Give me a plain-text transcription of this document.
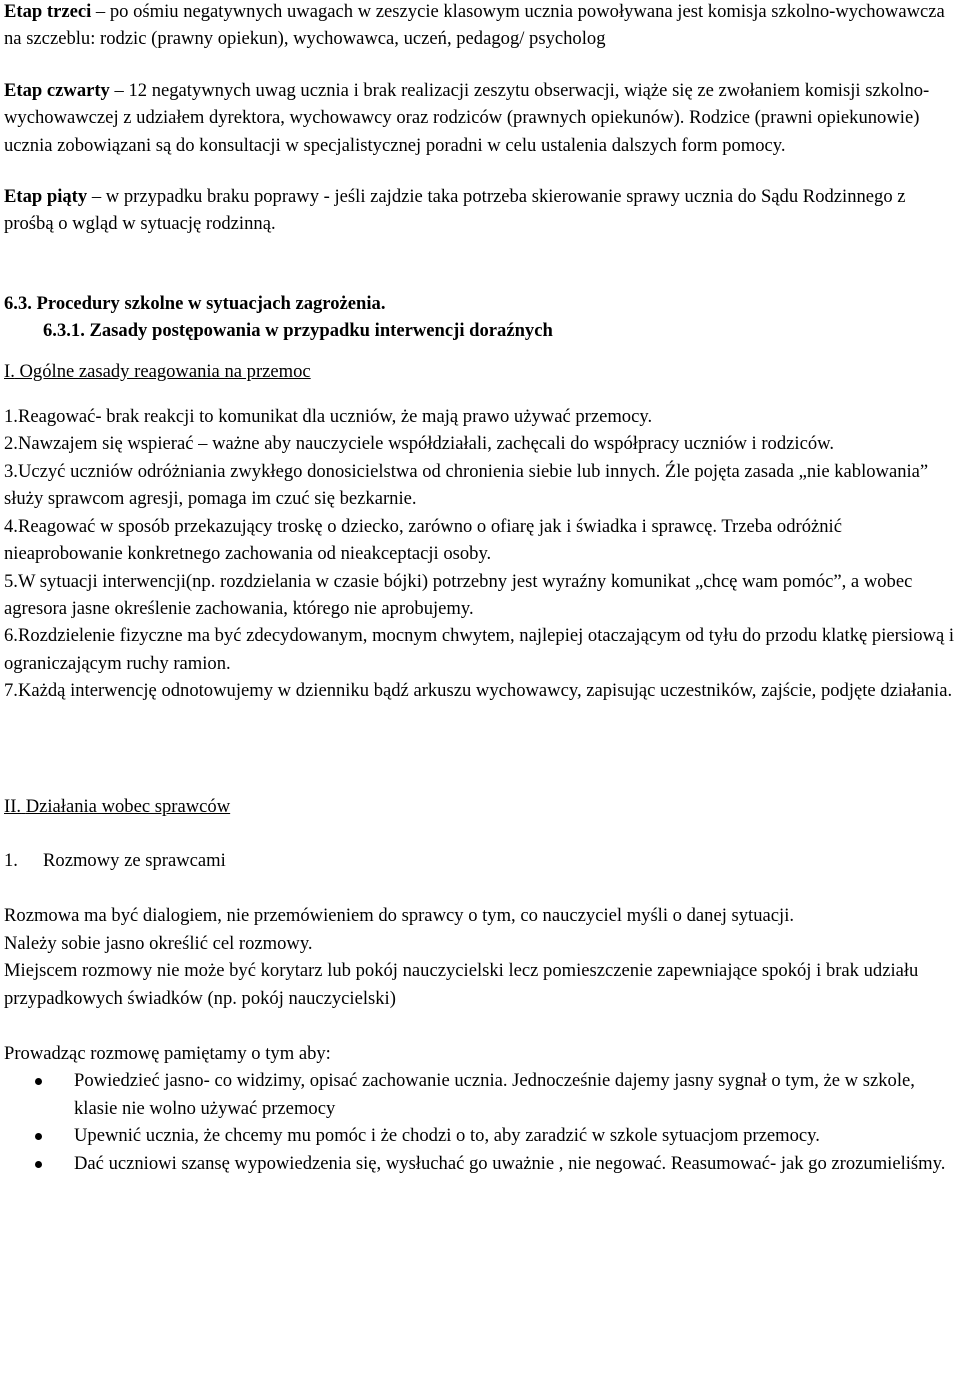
Etap trzeci – po ośmiu negatywnych uwagach w zeszycie klasowym ucznia powoływana jest komisja szkolno-wychowawcza na szczeblu: rodzic (prawny opiekun), wychowawca, uczeń, pedagog/ psycholog

Etap czwarty – 12 negatywnych uwag ucznia i brak realizacji zeszytu obserwacji, wiąże się ze zwołaniem komisji szkolno-wychowawczej z udziałem dyrektora, wychowawcy oraz rodziców (prawnych opiekunów). Rodzice (prawni opiekunowie) ucznia zobowiązani są do konsultacji w specjalistycznej poradni w celu ustalenia dalszych form pomocy.

Etap piąty – w przypadku braku poprawy - jeśli zajdzie taka potrzeba skierowanie sprawy ucznia do Sądu Rodzinnego z prośbą o wgląd w sytuację rodzinną.

6.3. Procedury szkolne w sytuacjach zagrożenia.

6.3.1. Zasady postępowania w przypadku interwencji doraźnych

I. Ogólne zasady reagowania na przemoc

1.Reagować- brak reakcji to komunikat dla uczniów, że mają prawo używać przemocy.

2.Nawzajem się wspierać – ważne aby nauczyciele współdziałali, zachęcali do współpracy uczniów i rodziców.

3.Uczyć uczniów odróżniania zwykłego donosicielstwa od chronienia siebie lub innych. Źle pojęta zasada „nie kablowania” służy sprawcom agresji, pomaga im czuć się bezkarnie.

4.Reagować w sposób przekazujący troskę o dziecko, zarówno o ofiarę jak i świadka i sprawcę. Trzeba odróżnić nieaprobowanie konkretnego zachowania od nieakceptacji osoby.

5.W sytuacji interwencji(np. rozdzielania w czasie bójki) potrzebny jest wyraźny komunikat „chcę wam pomóc”, a wobec agresora jasne określenie zachowania, którego nie aprobujemy.

6.Rozdzielenie fizyczne ma być zdecydowanym, mocnym chwytem, najlepiej otaczającym od tyłu do przodu klatkę piersiową i ograniczającym ruchy ramion.

7.Każdą interwencję odnotowujemy w dzienniku bądź arkuszu wychowawcy, zapisując uczestników, zajście, podjęte działania.

II. Działania wobec sprawców

1. Rozmowy ze sprawcami

Rozmowa ma być dialogiem, nie przemówieniem do sprawcy o tym, co nauczyciel myśli o danej sytuacji.

Należy sobie jasno określić cel rozmowy.

Miejscem rozmowy nie może być korytarz lub pokój nauczycielski lecz pomieszczenie zapewniające spokój i brak udziału przypadkowych świadków (np. pokój nauczycielski)

Prowadząc rozmowę pamiętamy o tym aby:

Powiedzieć jasno- co widzimy, opisać zachowanie ucznia. Jednocześnie dajemy jasny sygnał o tym, że w szkole, klasie nie wolno używać przemocy
Upewnić ucznia, że chcemy mu pomóc i że chodzi o to, aby zaradzić w szkole sytuacjom przemocy.
Dać uczniowi szansę wypowiedzenia się, wysłuchać go uważnie , nie negować. Reasumować- jak go zrozumieliśmy.
